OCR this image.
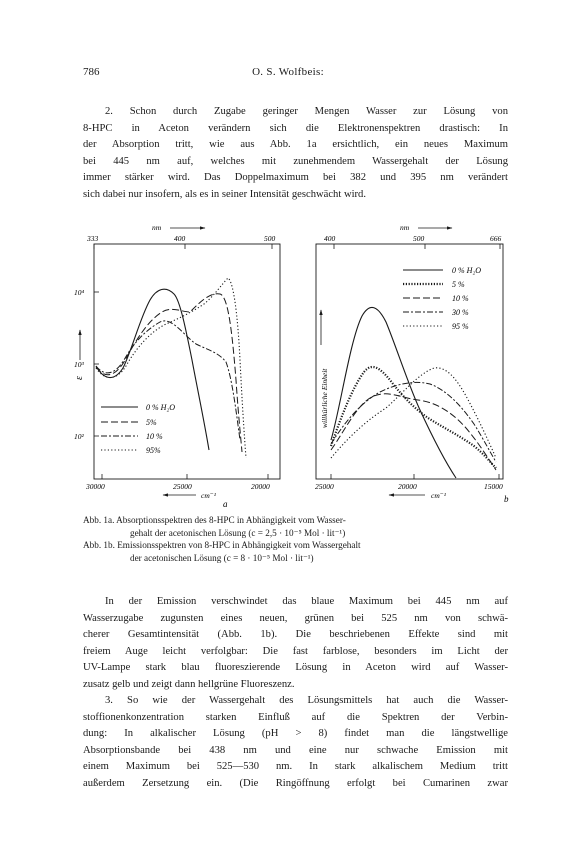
786	O. S. Wolfbeis:
2. Schon durch Zugabe geringer Mengen Wasser zur Lösung von
8-HPC in Aceton verändern sich die Elektronenspektren drastisch: In
der Absorption tritt, wie aus Abb. 1a ersichtlich, ein neues Maximum
bei 445 nm auf, welches mit zunehmendem Wassergehalt der Lösung
immer stärker wird. Das Doppelmaximum bei 382 und 395 nm verändert
sich dabei nur insofern, als es in seiner Intensität geschwächt wird.
nm
333	400	500
30000	25000	20000
cm⁻¹
a
10⁴
10³
10²
ε
0 % H₂O
5%
10 %
95%
nm
400	500	666
25000	20000	15000
cm⁻¹	b
willkürliche Einheit
0 % H₂O
5 %
10 %
30 %
95 %
Abb. 1a. Absorptionsspektren des 8-HPC in Abhängigkeit vom Wasser-
gehalt der acetonischen Lösung (c = 2,5 · 10⁻⁵ Mol · lit⁻¹)
Abb. 1b. Emissionsspektren von 8-HPC in Abhängigkeit vom Wassergehalt
der acetonischen Lösung (c = 8 · 10⁻⁵ Mol · lit⁻¹)
In der Emission verschwindet das blaue Maximum bei 445 nm auf
Wasserzugabe zugunsten eines neuen, grünen bei 525 nm von schwä-
cherer Gesamtintensität (Abb. 1b). Die beschriebenen Effekte sind mit
freiem Auge leicht verfolgbar: Die fast farblose, besonders im Licht der
UV-Lampe stark blau fluoreszierende Lösung in Aceton wird auf Wasser-
zusatz gelb und zeigt dann hellgrüne Fluoreszenz.
3. So wie der Wassergehalt des Lösungsmittels hat auch die Wasser-
stoffionenkonzentration starken Einfluß auf die Spektren der Verbin-
dung: In alkalischer Lösung (pH > 8) findet man die längstwellige
Absorptionsbande bei 438 nm und eine nur schwache Emission mit
einem Maximum bei 525—530 nm. In stark alkalischem Medium tritt
außerdem Zersetzung ein. (Die Ringöffnung erfolgt bei Cumarinen zwar
